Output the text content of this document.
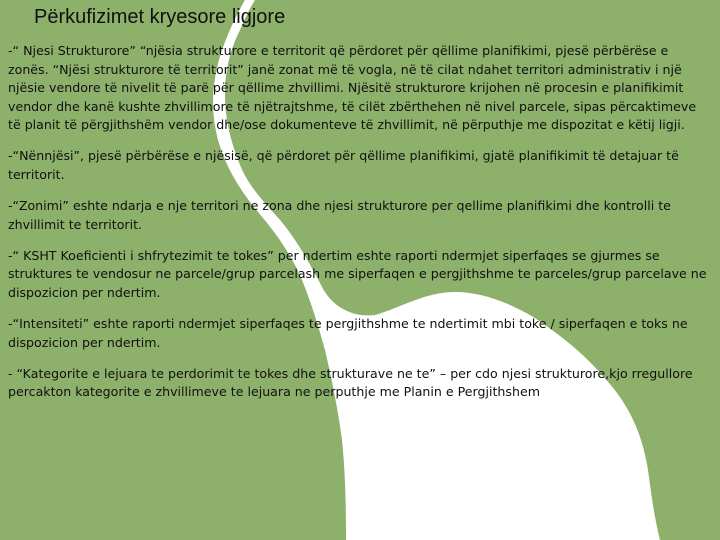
Përkufizimet kryesore ligjore

-“ Njesi Strukturore” “njësia strukturore e territorit që përdoret për qëllime planifikimi, pjesë përbërëse e zonës. “Njësi strukturore të territorit” janë zonat më të vogla, në të cilat ndahet territori administrativ i një njësie vendore të nivelit të parë për qëllime zhvillimi. Njësitë strukturore krijohen në procesin e planifikimit vendor dhe kanë kushte zhvillimore të njëtrajtshme, të cilët zbërthehen në nivel parcele, sipas përcaktimeve të planit të përgjithshëm vendor dhe/ose dokumenteve të zhvillimit, në përputhje me dispozitat e këtij ligji.

-“Nënnjësi”, pjesë përbërëse e njësisë, që përdoret për qëllime planifikimi, gjatë planifikimit të detajuar të territorit.

-“Zonimi” eshte ndarja e nje territori ne zona dhe njesi strukturore per qellime planifikimi dhe kontrolli te zhvillimit te territorit.

-“ KSHT Koeficienti i shfrytezimit te tokes” per ndertim eshte raporti ndermjet siperfaqes se gjurmes se struktures te vendosur ne parcele/grup parcelash me siperfaqen e pergjithshme te parceles/grup parcelave ne dispozicion per ndertim.

-“Intensiteti” eshte raporti ndermjet siperfaqes te pergjithshme te ndertimit mbi toke / siperfaqen e toks ne dispozicion per ndertim.

- “Kategorite e lejuara te perdorimit te tokes dhe strukturave ne te” – per cdo njesi strukturore,kjo rregullore percakton kategorite e zhvillimeve te lejuara ne perputhje me Planin e Pergjithshem
